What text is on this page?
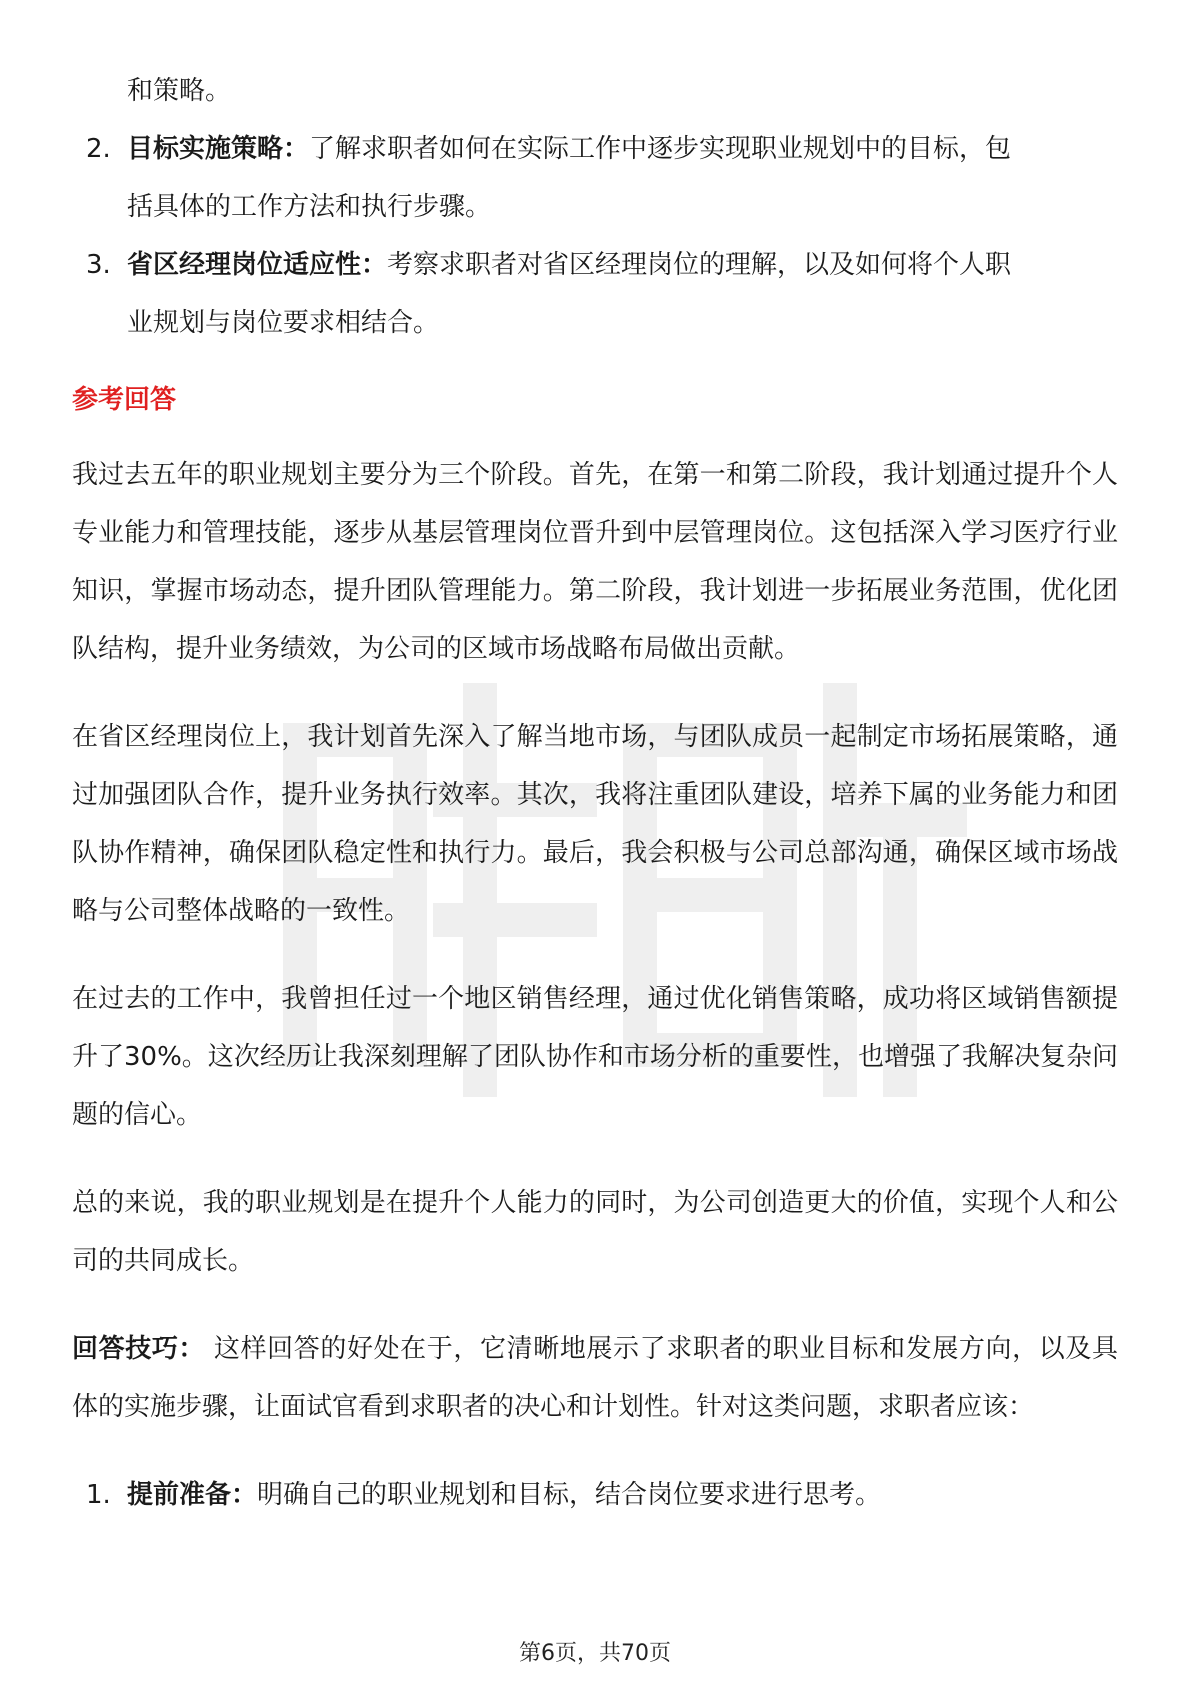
和策略。
2. 目标实施策略：了解求职者如何在实际工作中逐步实现职业规划中的目标，包
括具体的工作方法和执行步骤。
3. 省区经理岗位适应性：考察求职者对省区经理岗位的理解，以及如何将个人职
业规划与岗位要求相结合。
参考回答

我过去五年的职业规划主要分为三个阶段。首先，在第一和第二阶段，我计划通过提升个人专业能力和管理技能，逐步从基层管理岗位晋升到中层管理岗位。这包括深入学习医疗行业知识，掌握市场动态，提升团队管理能力。第二阶段，我计划进一步拓展业务范围，优化团队结构，提升业务绩效，为公司的区域市场战略布局做出贡献。

在省区经理岗位上，我计划首先深入了解当地市场，与团队成员一起制定市场拓展策略，通过加强团队合作，提升业务执行效率。其次，我将注重团队建设，培养下属的业务能力和团队协作精神，确保团队稳定性和执行力。最后，我会积极与公司总部沟通，确保区域市场战略与公司整体战略的一致性。

在过去的工作中，我曾担任过一个地区销售经理，通过优化销售策略，成功将区域销售额提升了30%。这次经历让我深刻理解了团队协作和市场分析的重要性，也增强了我解决复杂问题的信心。

总的来说，我的职业规划是在提升个人能力的同时，为公司创造更大的价值，实现个人和公司的共同成长。

回答技巧： 这样回答的好处在于，它清晰地展示了求职者的职业目标和发展方向，以及具体的实施步骤，让面试官看到求职者的决心和计划性。针对这类问题，求职者应该：

1. 提前准备：明确自己的职业规划和目标，结合岗位要求进行思考。
第6页，共70页
